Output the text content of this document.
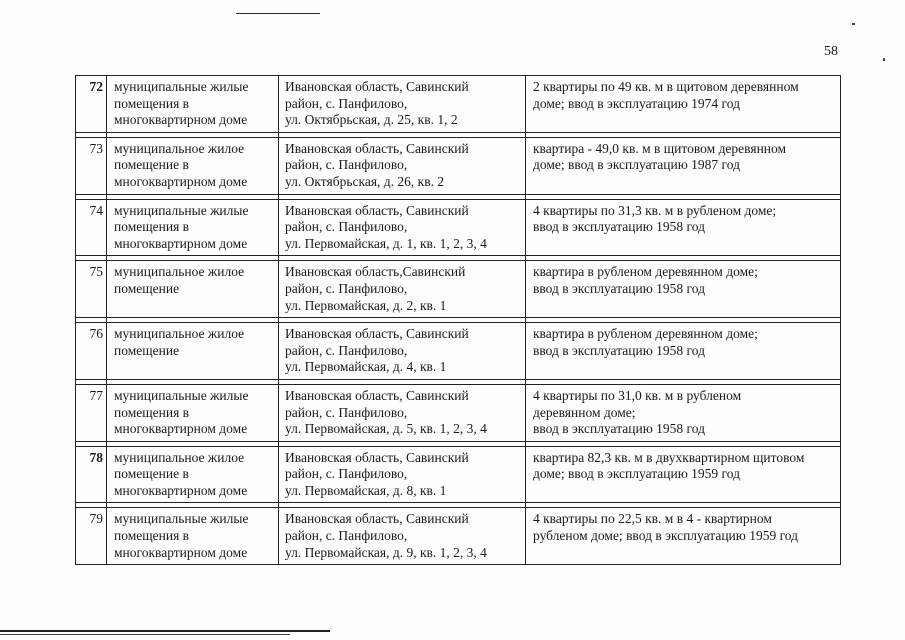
58
72	муниципальные жилые
помещения в
многоквартирном доме	Ивановская область, Савинский
район, с. Панфилово,
ул. Октябрьская, д. 25, кв. 1, 2	2 квартиры по 49 кв. м в щитовом деревянном
доме; ввод в эксплуатацию 1974 год

73	муниципальное жилое
помещение в
многоквартирном доме	Ивановская область, Савинский
район, с. Панфилово,
ул. Октябрьская, д. 26, кв. 2	квартира - 49,0 кв. м в щитовом деревянном
доме; ввод в эксплуатацию 1987 год

74	муниципальные жилые
помещения в
многоквартирном доме	Ивановская область, Савинский
район, с. Панфилово,
ул. Первомайская, д. 1, кв. 1, 2, 3, 4	4 квартиры по 31,3 кв. м в рубленом доме;
ввод в эксплуатацию 1958 год

75	муниципальное жилое
помещение	Ивановская область,Савинский
район, с. Панфилово,
ул. Первомайская, д. 2, кв. 1	квартира в рубленом деревянном доме;
ввод в эксплуатацию 1958 год

76	муниципальное жилое
помещение	Ивановская область, Савинский
район, с. Панфилово,
ул. Первомайская, д. 4, кв. 1	квартира в рубленом деревянном доме;
ввод в эксплуатацию 1958 год

77	муниципальные жилые
помещения в
многоквартирном доме	Ивановская область, Савинский
район, с. Панфилово,
ул. Первомайская, д. 5, кв. 1, 2, 3, 4	4 квартиры по 31,0 кв. м в рубленом
деревянном доме;
ввод в эксплуатацию 1958 год

78	муниципальное жилое
помещение в
многоквартирном доме	Ивановская область, Савинский
район, с. Панфилово,
ул. Первомайская, д. 8, кв. 1	квартира 82,3 кв. м в двухквартирном щитовом
доме; ввод в эксплуатацию 1959 год

79	муниципальные жилые
помещения в
многоквартирном доме	Ивановская область, Савинский
район, с. Панфилово,
ул. Первомайская, д. 9, кв. 1, 2, 3, 4	4 квартиры по 22,5 кв. м в 4 - квартирном
рубленом доме; ввод в эксплуатацию 1959 год
